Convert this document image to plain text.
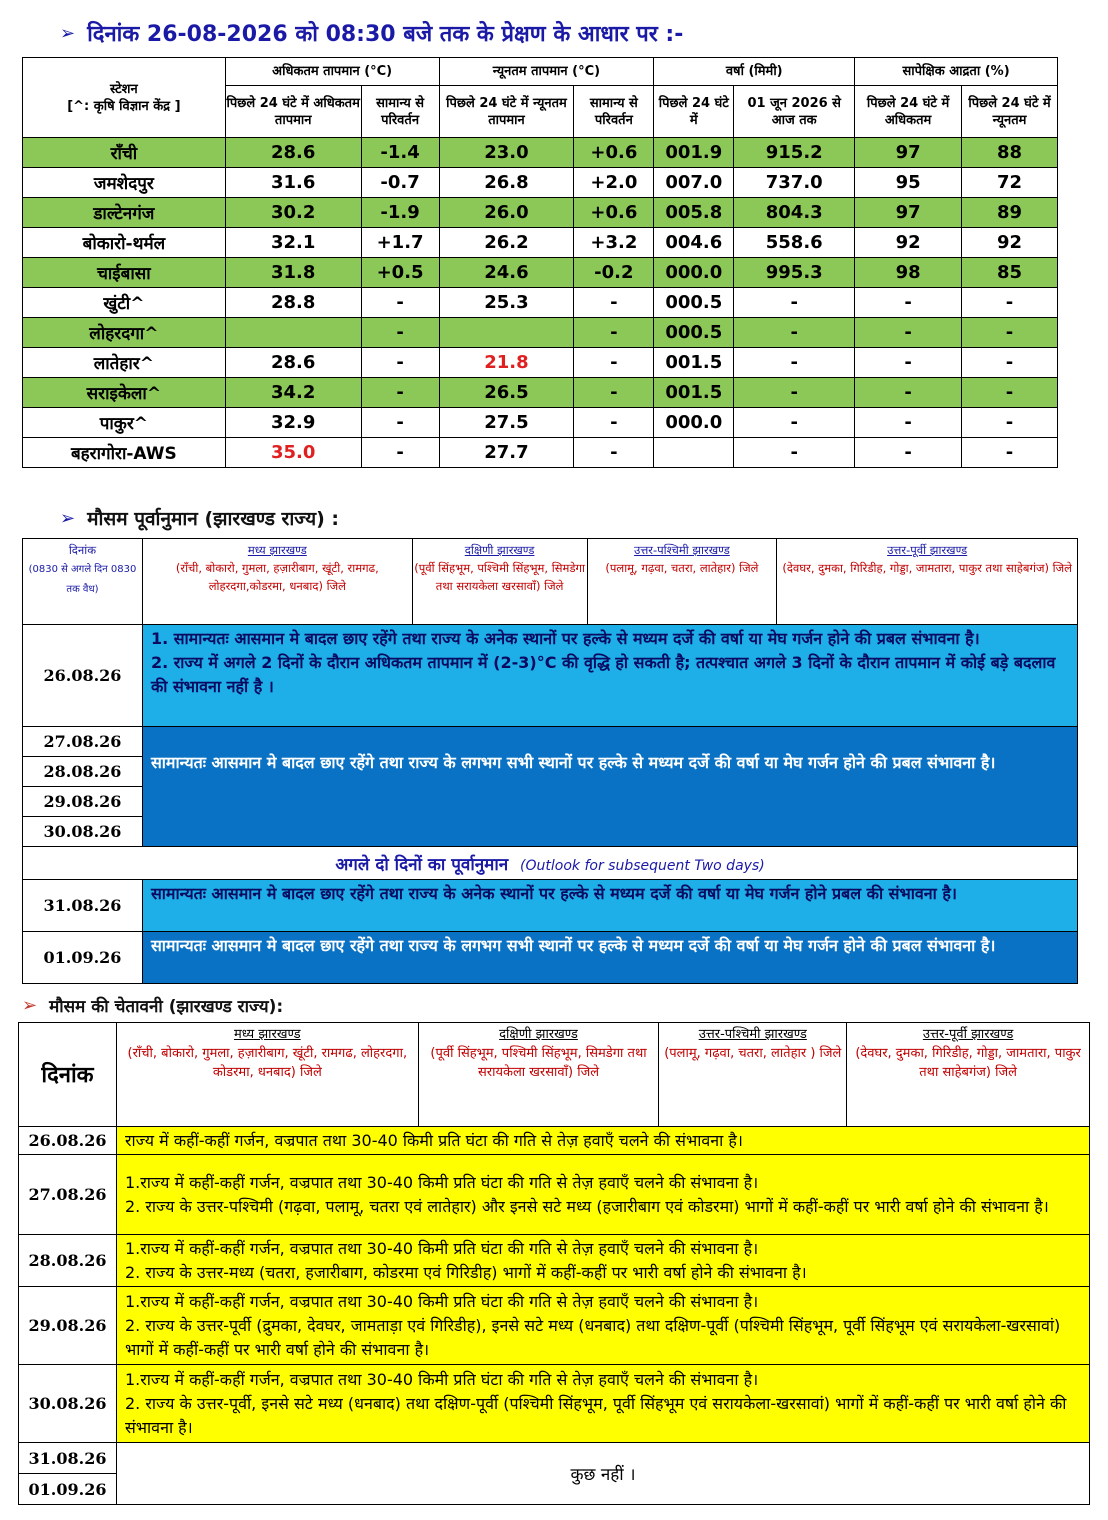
➢ दिनांक 26-08-2026 को 08:30 बजे तक के प्रेक्षण के आधार पर :-
स्टेशन
[^: कृषि विज्ञान केंद्र ]	अधिकतम तापमान (°C)		न्यूनतम तापमान (°C)		वर्षा (मिमी)		सापेक्षिक आद्रता (%)	
	पिछले 24 घंटे में अधिकतम तापमान	सामान्य से परिवर्तन	पिछले 24 घंटे में न्यूनतम तापमान	सामान्य से परिवर्तन	पिछले 24 घंटे में	01 जून 2026 से आज तक	पिछले 24 घंटे में अधिकतम	पिछले 24 घंटे में न्यूनतम
राँची	28.6	-1.4	23.0	+0.6	001.9	915.2	97	88
जमशेदपुर	31.6	-0.7	26.8	+2.0	007.0	737.0	95	72
डाल्टेनगंज	30.2	-1.9	26.0	+0.6	005.8	804.3	97	89
बोकारो-थर्मल	32.1	+1.7	26.2	+3.2	004.6	558.6	92	92
चाईबासा	31.8	+0.5	24.6	-0.2	000.0	995.3	98	85
खुंटी^	28.8	-	25.3	-	000.5	-	-	-
लोहरदगा^		-		-	000.5	-	-	-
लातेहार^	28.6	-	21.8	-	001.5	-	-	-
सराइकेला^	34.2	-	26.5	-	001.5	-	-	-
पाकुर^	32.9	-	27.5	-	000.0	-	-	-
बहरागोरा-AWS	35.0	-	27.7	-		-	-	-
➢ मौसम पूर्वानुमान (झारखण्ड राज्य) :
दिनांक
(0830 से अगले दिन 0830 तक वैध)	मध्य झारखण्ड
(राँची, बोकारो, गुमला, हज़ारीबाग, खूंटी, रामगढ, लोहरदगा,कोडरमा, धनबाद) जिले	दक्षिणी झारखण्ड
(पूर्वी सिंहभूम, पश्चिमी सिंहभूम, सिमडेगा तथा सरायकेला खरसावाँ) जिले	उत्तर-पश्चिमी झारखण्ड
(पलामू, गढ़वा, चतरा, लातेहार) जिले	उत्तर-पूर्वी झारखण्ड
(देवघर, दुमका, गिरिडीह, गोड्डा, जामतारा, पाकुर तथा साहेबगंज) जिले
26.08.26	1. सामान्यतः आसमान मे बादल छाए रहेंगे तथा राज्य के अनेक स्थानों पर हल्के से मध्यम दर्जे की वर्षा या मेघ गर्जन होने की प्रबल संभावना है।
2. राज्य में अगले 2 दिनों के दौरान अधिकतम तापमान में (2-3)°C की वृद्धि हो सकती है; तत्पश्चात अगले 3 दिनों के दौरान तापमान में कोई बड़े बदलाव की संभावना नहीं है ।			

27.08.26	सामान्यतः आसमान मे बादल छाए रहेंगे तथा राज्य के लगभग सभी स्थानों पर हल्के से मध्यम दर्जे की वर्षा या मेघ गर्जन होने की प्रबल संभावना है।			
28.08.26				
29.08.26				
30.08.26				
अगले दो दिनों का पूर्वानुमान (Outlook for subsequent Two days)				
31.08.26	सामान्यतः आसमान मे बादल छाए रहेंगे तथा राज्य के अनेक स्थानों पर हल्के से मध्यम दर्जे की वर्षा या मेघ गर्जन होने प्रबल की संभावना है।			
01.09.26	सामान्यतः आसमान मे बादल छाए रहेंगे तथा राज्य के लगभग सभी स्थानों पर हल्के से मध्यम दर्जे की वर्षा या मेघ गर्जन होने की प्रबल संभावना है।			
➢ मौसम की चेतावनी (झारखण्ड राज्य):
दिनांक	मध्य झारखण्ड
(राँची, बोकारो, गुमला, हज़ारीबाग, खूंटी, रामगढ, लोहरदगा, कोडरमा, धनबाद) जिले	दक्षिणी झारखण्ड
(पूर्वी सिंहभूम, पश्चिमी सिंहभूम, सिमडेगा तथा सरायकेला खरसावाँ) जिले	उत्तर-पश्चिमी झारखण्ड
(पलामू, गढ़वा, चतरा, लातेहार ) जिले	उत्तर-पूर्वी झारखण्ड
(देवघर, दुमका, गिरिडीह, गोड्डा, जामतारा, पाकुर तथा साहेबगंज) जिले
26.08.26	राज्य में कहीं-कहीं गर्जन, वज्रपात तथा 30-40 किमी प्रति घंटा की गति से तेज़ हवाएँ चलने की संभावना है।			

27.08.26	1.राज्य में कहीं-कहीं गर्जन, वज्रपात तथा 30-40 किमी प्रति घंटा की गति से तेज़ हवाएँ चलने की संभावना है।
2. राज्य के उत्तर-पश्चिमी (गढ़वा, पलामू, चतरा एवं लातेहार) और इनसे सटे मध्य (हजारीबाग एवं कोडरमा) भागों में कहीं-कहीं पर भारी वर्षा होने की संभावना है।			

28.08.26	1.राज्य में कहीं-कहीं गर्जन, वज्रपात तथा 30-40 किमी प्रति घंटा की गति से तेज़ हवाएँ चलने की संभावना है।
2. राज्य के उत्तर-मध्य (चतरा, हजारीबाग, कोडरमा एवं गिरिडीह) भागों में कहीं-कहीं पर भारी वर्षा होने की संभावना है।			

29.08.26	1.राज्य में कहीं-कहीं गर्जन, वज्रपात तथा 30-40 किमी प्रति घंटा की गति से तेज़ हवाएँ चलने की संभावना है।
2. राज्य के उत्तर-पूर्वी (द्रुमका, देवघर, जामताड़ा एवं गिरिडीह), इनसे सटे मध्य (धनबाद) तथा दक्षिण-पूर्वी (पश्चिमी सिंहभूम, पूर्वी सिंहभूम एवं सरायकेला-खरसावां) भागों में कहीं-कहीं पर भारी वर्षा होने की संभावना है।			

30.08.26	1.राज्य में कहीं-कहीं गर्जन, वज्रपात तथा 30-40 किमी प्रति घंटा की गति से तेज़ हवाएँ चलने की संभावना है।
2. राज्य के उत्तर-पूर्वी, इनसे सटे मध्य (धनबाद) तथा दक्षिण-पूर्वी (पश्चिमी सिंहभूम, पूर्वी सिंहभूम एवं सरायकेला-खरसावां) भागों में कहीं-कहीं पर भारी वर्षा होने की संभावना है।			

31.08.26	कुछ नहीं ।			
01.09.26				
